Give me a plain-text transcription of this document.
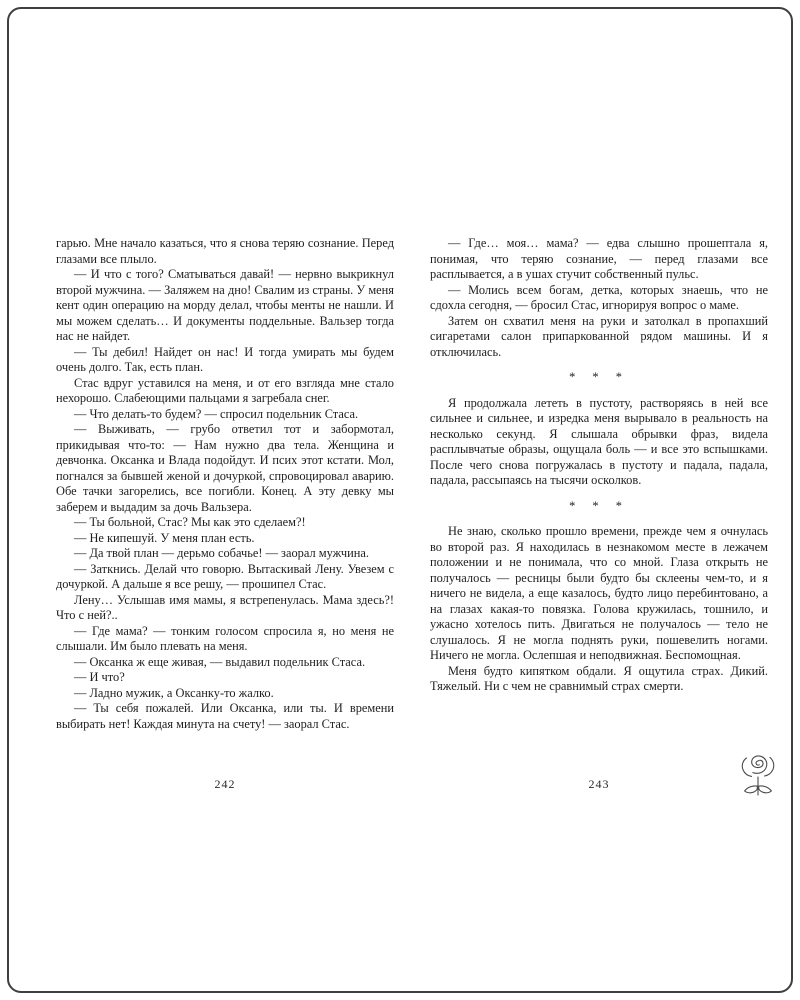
гарью. Мне начало казаться, что я снова теряю сознание. Перед глазами все плыло.

— И что с того? Сматываться давай! — нервно выкрикнул второй мужчина. — Заляжем на дно! Свалим из страны. У меня кент один операцию на морду делал, чтобы менты не нашли. И мы можем сделать… И документы поддельные. Вальзер тогда нас не найдет.

— Ты дебил! Найдет он нас! И тогда умирать мы будем очень долго. Так, есть план.

Стас вдруг уставился на меня, и от его взгляда мне стало нехорошо. Слабеющими пальцами я загребала снег.

— Что делать-то будем? — спросил подельник Стаса.

— Выживать, — грубо ответил тот и забормотал, прикидывая что-то: — Нам нужно два тела. Женщина и девчонка. Оксанка и Влада подойдут. И псих этот кстати. Мол, погнался за бывшей женой и дочуркой, спровоцировал аварию. Обе тачки загорелись, все погибли. Конец. А эту девку мы заберем и выдадим за дочь Вальзера.

— Ты больной, Стас? Мы как это сделаем?!

— Не кипешуй. У меня план есть.

— Да твой план — дерьмо собачье! — заорал мужчина.

— Заткнись. Делай что говорю. Вытаскивай Лену. Увезем с дочуркой. А дальше я все решу, — прошипел Стас.

Лену… Услышав имя мамы, я встрепенулась. Мама здесь?! Что с ней?..

— Где мама? — тонким голосом спросила я, но меня не слышали. Им было плевать на меня.

— Оксанка ж еще живая, — выдавил подельник Стаса.

— И что?

— Ладно мужик, а Оксанку-то жалко.

— Ты себя пожалей. Или Оксанка, или ты. И времени выбирать нет! Каждая минута на счету! — заорал Стас.

242

— Где… моя… мама? — едва слышно прошептала я, понимая, что теряю сознание, — перед глазами все расплывается, а в ушах стучит собственный пульс.

— Молись всем богам, детка, которых знаешь, что не сдохла сегодня, — бросил Стас, игнорируя вопрос о маме.

Затем он схватил меня на руки и затолкал в пропахший сигаретами салон припаркованной рядом машины. И я отключилась.

* * *

Я продолжала лететь в пустоту, растворяясь в ней все сильнее и сильнее, и изредка меня вырывало в реальность на несколько секунд. Я слышала обрывки фраз, видела расплывчатые образы, ощущала боль — и все это вспышками. После чего снова погружалась в пустоту и падала, падала, падала, рассыпаясь на тысячи осколков.

* * *

Не знаю, сколько прошло времени, прежде чем я очнулась во второй раз. Я находилась в незнакомом месте в лежачем положении и не понимала, что со мной. Глаза открыть не получалось — ресницы были будто бы склеены чем-то, и я ничего не видела, а еще казалось, будто лицо перебинтовано, а на глазах какая-то повязка. Голова кружилась, тошнило, и ужасно хотелось пить. Двигаться не получалось — тело не слушалось. Я не могла поднять руки, пошевелить ногами. Ничего не могла. Ослепшая и неподвижная. Беспомощная.

Меня будто кипятком обдали. Я ощутила страх. Дикий. Тяжелый. Ни с чем не сравнимый страх смерти.

243
